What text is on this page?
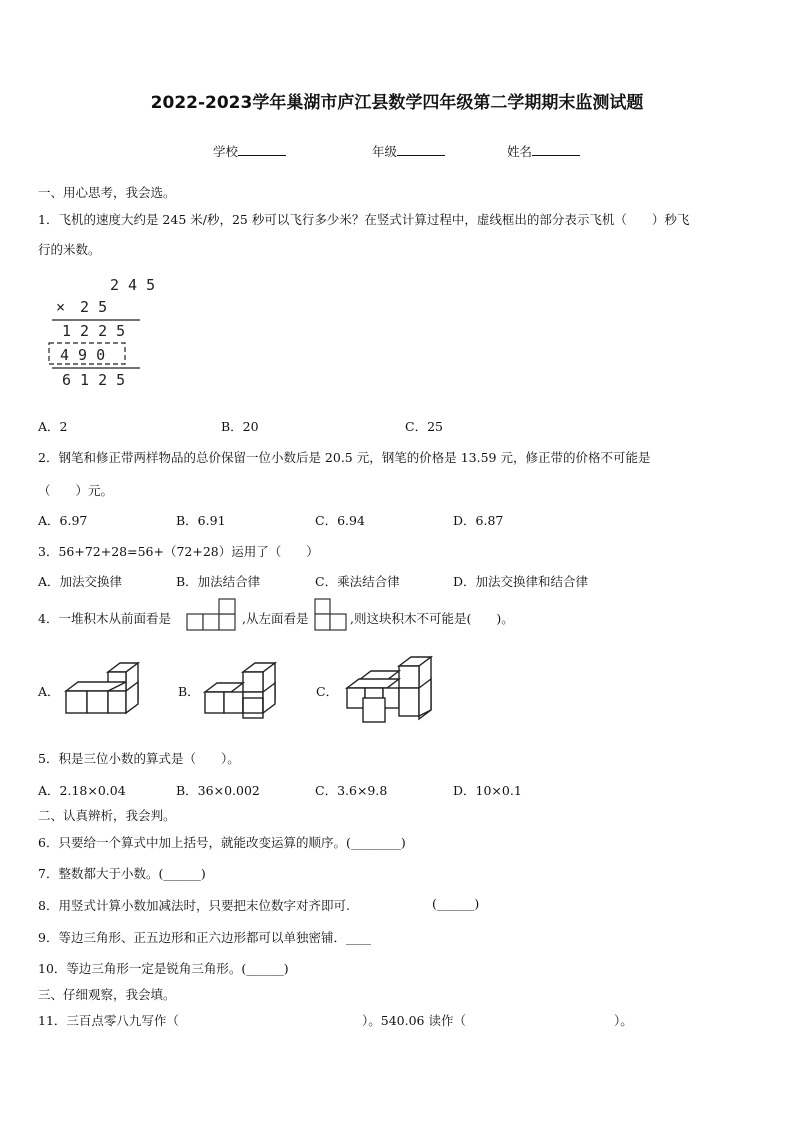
2022-2023学年巢湖市庐江县数学四年级第二学期期末监测试题
学校	年级	姓名
一、用心思考，我会选。
1．飞机的速度大约是 245 米/秒，25 秒可以飞行多少米？在竖式计算过程中，虚线框出的部分表示飞机（　　）秒飞
行的米数。
2 4 5
×　2 5
1 2 2 5
4 9 0
6 1 2 5
A．2	B．20	C．25
2．钢笔和修正带两样物品的总价保留一位小数后是 20.5 元，钢笔的价格是 13.59 元，修正带的价格不可能是
（　　）元。
A．6.97	B．6.91	C．6.94	D．6.87
3．56+72+28=56+（72+28）运用了（　　）
A．加法交换律	B．加法结合律	C．乘法结合律	D．加法交换律和结合律
4．一堆积木从前面看是	,从左面看是	,则这块积木不可能是(　　)。
A．	B．	C．
5．积是三位小数的算式是（　　）。
A．2.18×0.04	B．36×0.002	C．3.6×9.8	D．10×0.1
二、认真辨析，我会判。
6．只要给一个算式中加上括号，就能改变运算的顺序。(________)
7．整数都大于小数。(______)
8．用竖式计算小数加减法时，只要把末位数字对齐即可.	(______)
9．等边三角形、正五边形和正六边形都可以单独密铺．____
10．等边三角形一定是锐角三角形。(______)
三、仔细观察，我会填。
11．三百点零八九写作（	）。540.06 读作（	）。
